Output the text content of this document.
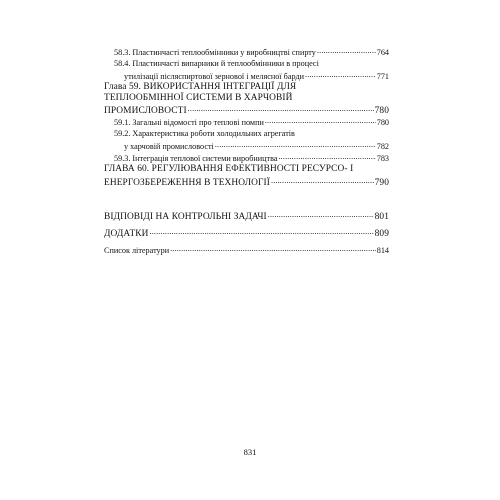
58.3. Пластинчасті теплообмінники у виробництві спирту .....	764
58.4. Пластинчасті випарники й теплообмінники в процесі
утилізації післяспиртової зернової і меляcної барди .....	771
Глава 59. ВИКОРИСТАННЯ ІНТЕГРАЦІЇ ДЛЯ
ТЕПЛООБМІННОЇ СИСТЕМИ В ХАРЧОВІЙ
ПРОМИСЛОВОСТІ .....	780
59.1. Загальні відомості про теплові помпи .....	780
59.2. Характеристика роботи холодильних агрегатів
у харчовій промисловості .....	782
59.3. Інтеграція теплової системи виробництва .....	783
ГЛАВА 60. РЕГУЛЮВАННЯ ЕФЕКТИВНОСТІ РЕСУРСО- І
ЕНЕРГОЗБЕРЕЖЕННЯ В ТЕХНОЛОГІЇ .....	790
ВІДПОВІДІ НА КОНТРОЛЬНІ ЗАДАЧІ .....	801
ДОДАТКИ .....	809
Список літератури .....	814
831
